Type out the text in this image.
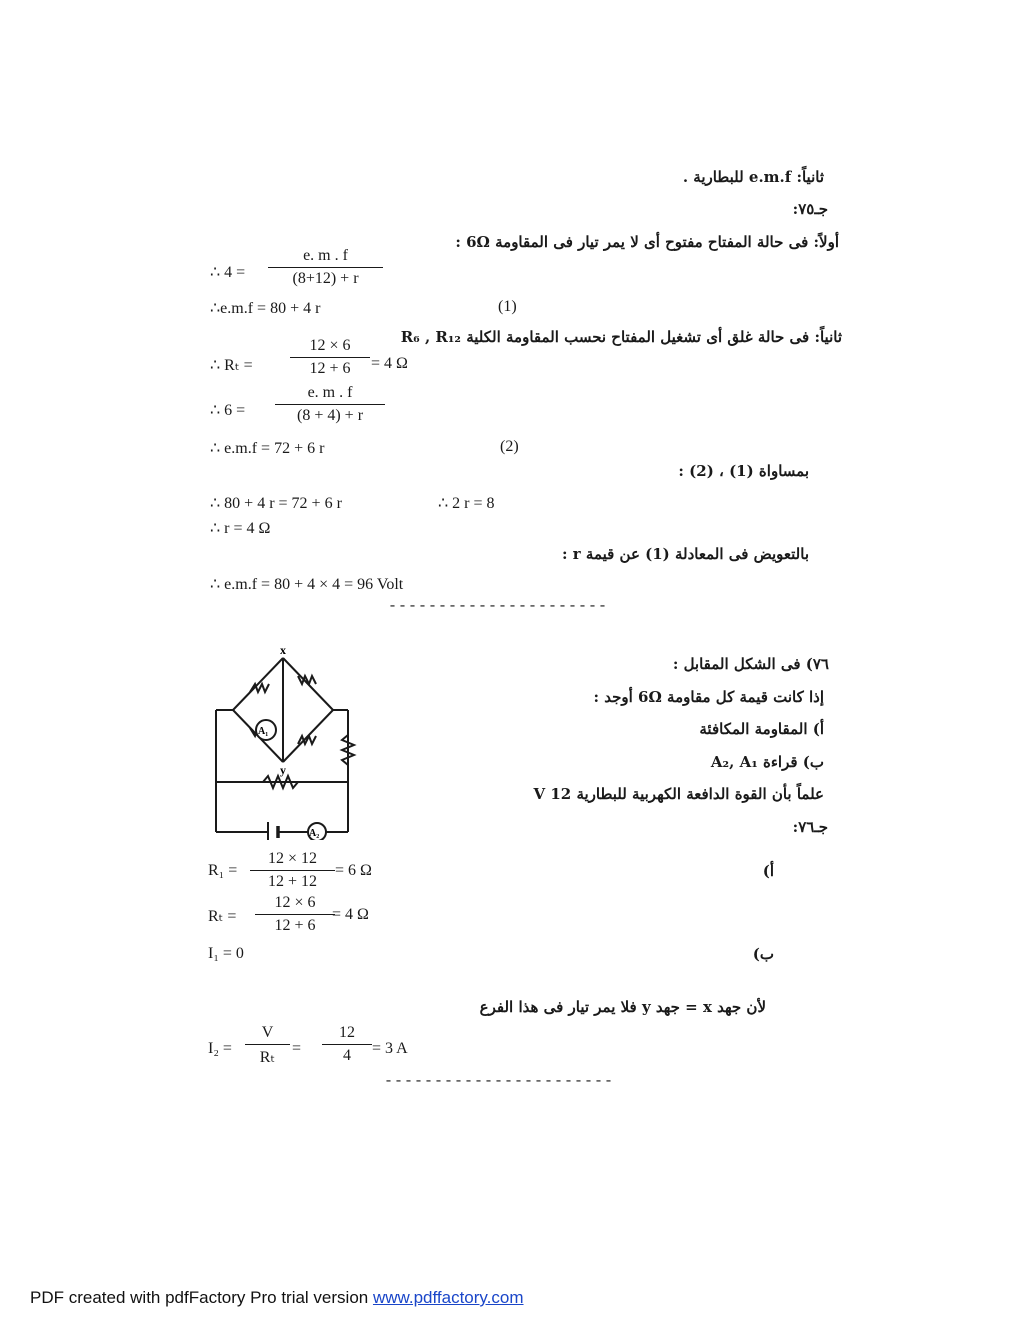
ثانياً: e.m.f للبطارية .
جـ٧٥:
أولاً: فى حالة المفتاح مفتوح أى لا يمر تيار فى المقاومة 6Ω :
ثانياً: فى حالة غلق أى تشغيل المفتاح نحسب المقاومة الكلية R₆ , R₁₂
بمساواة (1) ، (2) :
بالتعويض فى المعادلة (1) عن قيمة r :
∴ $4 = \frac{e. m . f}{(8+12) + r}$
∴e.m.f = 80 + 4 r	(1)
∴ $R_t = \frac{12 \times 6}{12 + 6} = 4$ Ω
∴ $6 = \frac{e. m . f}{(8 + 4) + r}$
∴ e.m.f = 72 + 6 r	(2)
∴ 80 + 4 r = 72 + 6 r	∴ 2 r = 8
∴ r = 4 Ω
∴ e.m.f = 80 + 4 × 4 = 96 Volt
----------------------
٧٦) فى الشكل المقابل :
إذا كانت قيمة كل مقاومة 6Ω أوجد :
أ) المقاومة المكافئة
ب) قراءة A₂, A₁
علماً بأن القوة الدافعة الكهربية للبطارية 12 V
جـ٧٦:
x
y
A₁
A₂
أ)
$R_1 = \frac{12 \times 12}{12 + 12} = 6$ Ω
$R_t = \frac{12 \times 6}{12 + 6}$
= 4 Ω
ب)
I₁ = 0
لأن جهد x = جهد y فلا يمر تيار فى هذا الفرع
$I_2 = \frac{V}{\text{Rₜ}} = \frac{12}{4} = 3$ A
-----------------------
PDF created with pdfFactory Pro trial version www.pdffactory.com
